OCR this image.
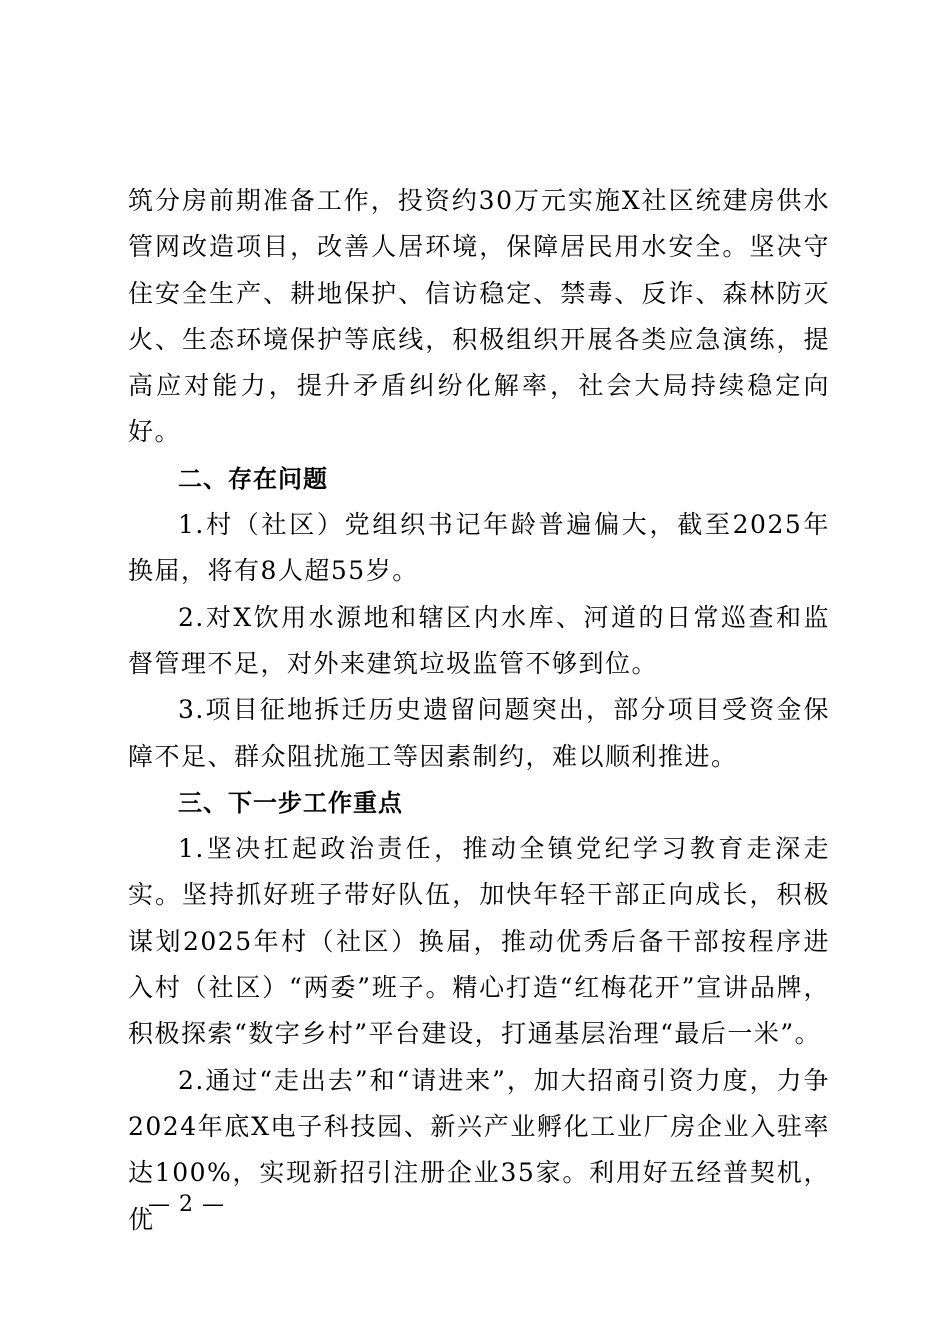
筑分房前期准备工作，投资约30万元实施X社区统建房供水管网改造项目，改善人居环境，保障居民用水安全。坚决守住安全生产、耕地保护、信访稳定、禁毒、反诈、森林防灭火、生态环境保护等底线，积极组织开展各类应急演练，提高应对能力，提升矛盾纠纷化解率，社会大局持续稳定向好。

二、存在问题

1.村（社区）党组织书记年龄普遍偏大，截至2025年换届，将有8人超55岁。

2.对X饮用水源地和辖区内水库、河道的日常巡查和监督管理不足，对外来建筑垃圾监管不够到位。

3.项目征地拆迁历史遗留问题突出，部分项目受资金保障不足、群众阻扰施工等因素制约，难以顺利推进。

三、下一步工作重点

1.坚决扛起政治责任，推动全镇党纪学习教育走深走实。坚持抓好班子带好队伍，加快年轻干部正向成长，积极谋划2025年村（社区）换届，推动优秀后备干部按程序进入村（社区）“两委”班子。精心打造“红梅花开”宣讲品牌，积极探索“数字乡村”平台建设，打通基层治理“最后一米”。

2.通过“走出去”和“请进来”，加大招商引资力度，力争2024年底X电子科技园、新兴产业孵化工业厂房企业入驻率达100%，实现新招引注册企业35家。利用好五经普契机，优

— 2 —
